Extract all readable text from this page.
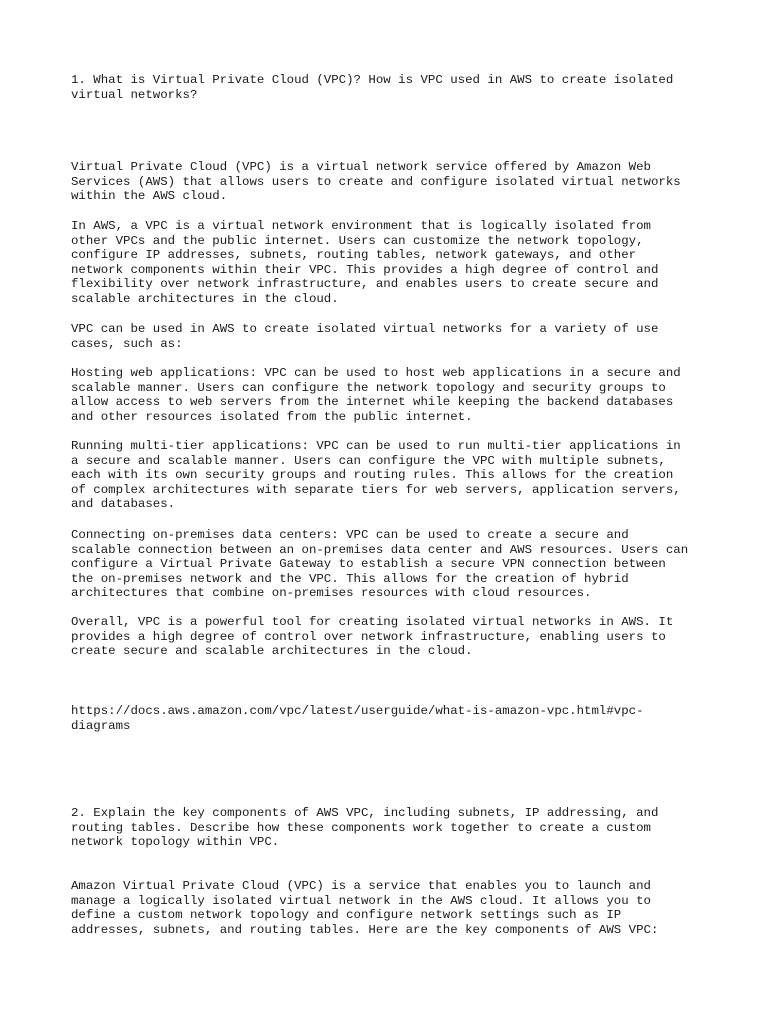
1. What is Virtual Private Cloud (VPC)? How is VPC used in AWS to create isolated
virtual networks?

Virtual Private Cloud (VPC) is a virtual network service offered by Amazon Web
Services (AWS) that allows users to create and configure isolated virtual networks
within the AWS cloud.

In AWS, a VPC is a virtual network environment that is logically isolated from
other VPCs and the public internet. Users can customize the network topology,
configure IP addresses, subnets, routing tables, network gateways, and other
network components within their VPC. This provides a high degree of control and
flexibility over network infrastructure, and enables users to create secure and
scalable architectures in the cloud.

VPC can be used in AWS to create isolated virtual networks for a variety of use
cases, such as:

Hosting web applications: VPC can be used to host web applications in a secure and
scalable manner. Users can configure the network topology and security groups to
allow access to web servers from the internet while keeping the backend databases
and other resources isolated from the public internet.

Running multi-tier applications: VPC can be used to run multi-tier applications in
a secure and scalable manner. Users can configure the VPC with multiple subnets,
each with its own security groups and routing rules. This allows for the creation
of complex architectures with separate tiers for web servers, application servers,
and databases.

Connecting on-premises data centers: VPC can be used to create a secure and
scalable connection between an on-premises data center and AWS resources. Users can
configure a Virtual Private Gateway to establish a secure VPN connection between
the on-premises network and the VPC. This allows for the creation of hybrid
architectures that combine on-premises resources with cloud resources.

Overall, VPC is a powerful tool for creating isolated virtual networks in AWS. It
provides a high degree of control over network infrastructure, enabling users to
create secure and scalable architectures in the cloud.

https://docs.aws.amazon.com/vpc/latest/userguide/what-is-amazon-vpc.html#vpc-
diagrams

2. Explain the key components of AWS VPC, including subnets, IP addressing, and
routing tables. Describe how these components work together to create a custom
network topology within VPC.

Amazon Virtual Private Cloud (VPC) is a service that enables you to launch and
manage a logically isolated virtual network in the AWS cloud. It allows you to
define a custom network topology and configure network settings such as IP
addresses, subnets, and routing tables. Here are the key components of AWS VPC:
